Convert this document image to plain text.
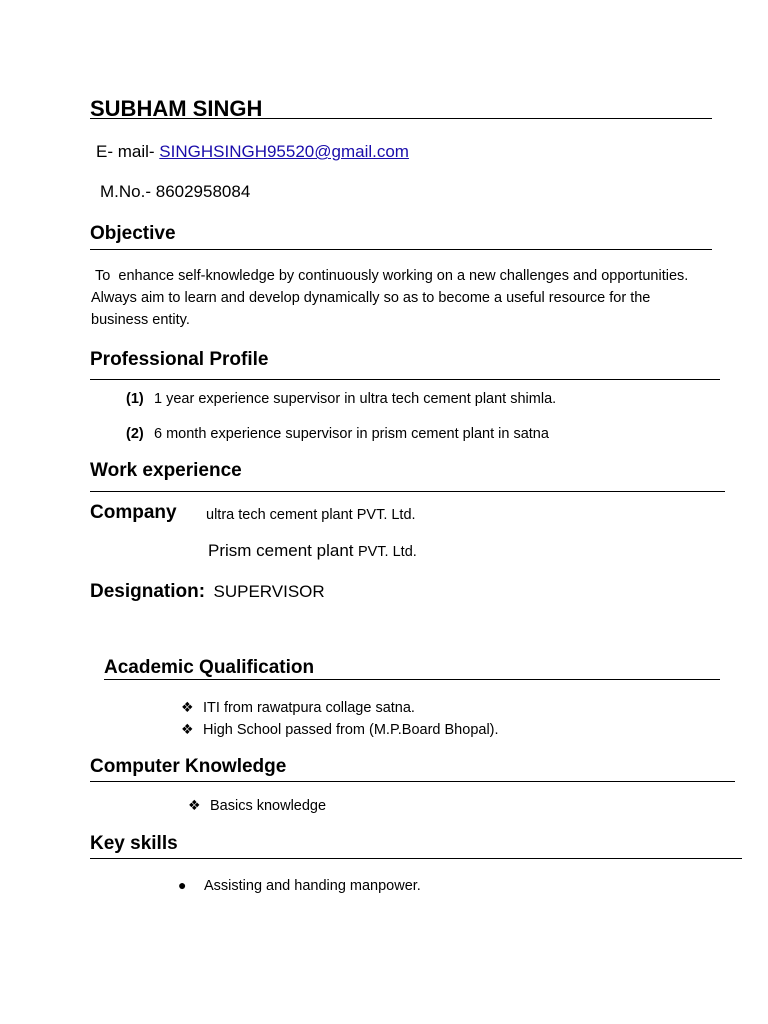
SUBHAM SINGH
E- mail- SINGHSINGH95520@gmail.com
M.No.- 8602958084
Objective
To  enhance self-knowledge by continuously working on a new challenges and opportunities. Always aim to learn and develop dynamically so as to become a useful resource for the business entity.
Professional Profile
(1) 1 year experience supervisor in ultra tech cement plant shimla.
(2) 6 month experience supervisor in prism cement plant in satna
Work experience
Company ultra tech cement plant PVT. Ltd.
Prism cement plant PVT. Ltd.
Designation: SUPERVISOR
Academic Qualification
❖ ITI from rawatpura collage satna.
❖ High School passed from (M.P.Board Bhopal).
Computer Knowledge
❖ Basics knowledge
Key skills
● Assisting and handing manpower.
